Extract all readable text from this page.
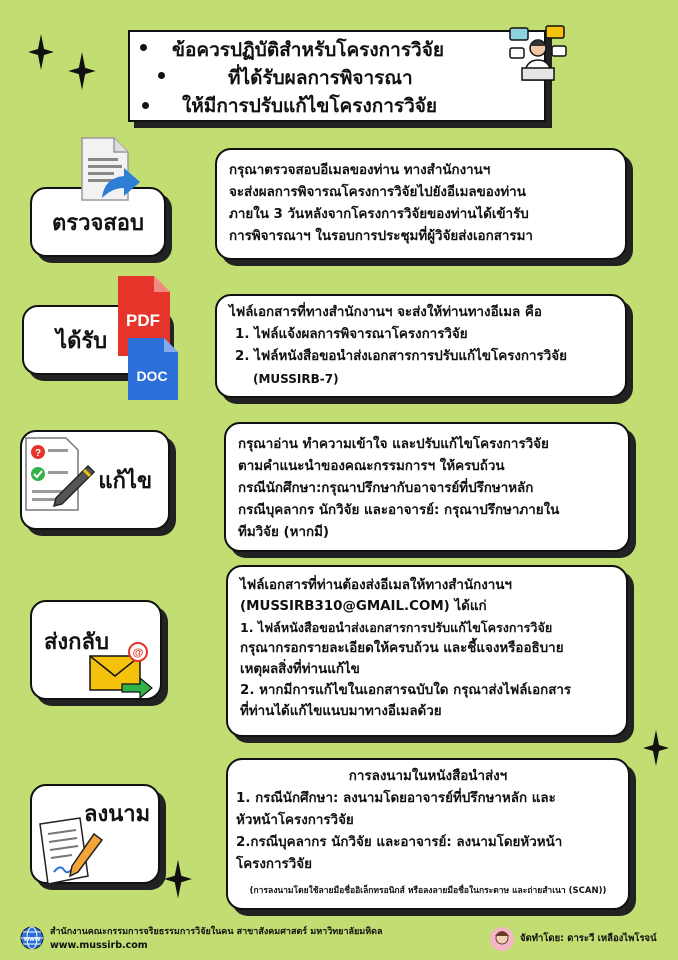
ข้อควรปฏิบัติสำหรับโครงการวิจัย
ที่ได้รับผลการพิจารณา
ให้มีการปรับแก้ไขโครงการวิจัย
ตรวจสอบ
กรุณาตรวจสอบอีเมลของท่าน ทางสำนักงานฯ
จะส่งผลการพิจารณโครงการวิจัยไปยังอีเมลของท่าน
ภายใน 3 วันหลังจากโครงการวิจัยของท่านได้เข้ารับ
การพิจารณาฯ ในรอบการประชุมที่ผู้วิจัยส่งเอกสารมา
ได้รับ
PDF
DOC
ไฟล์เอกสารที่ทางสำนักงานฯ จะส่งให้ท่านทางอีเมล คือ
1. ไฟล์แจ้งผลการพิจารณาโครงการวิจัย
2. ไฟล์หนังสือขอนำส่งเอกสารการปรับแก้ไขโครงการวิจัย
(MUSSIRB-7)
แก้ไข
?
กรุณาอ่าน ทำความเข้าใจ และปรับแก้ไขโครงการวิจัย
ตามคำแนะนำของคณะกรรมการฯ ให้ครบถ้วน
กรณีนักศึกษา:กรุณาปรึกษากับอาจารย์ที่ปรึกษาหลัก
กรณีบุคลากร นักวิจัย และอาจารย์: กรุณาปรึกษาภายใน
ทีมวิจัย (หากมี)
ส่งกลับ @
ไฟล์เอกสารที่ท่านต้องส่งอีเมลให้ทางสำนักงานฯ
(MUSSIRB310@GMAIL.COM) ได้แก่
1. ไฟล์หนังสือขอนำส่งเอกสารการปรับแก้ไขโครงการวิจัย
กรุณากรอกรายละเอียดให้ครบถ้วน และชี้แจงหรืออธิบาย
เหตุผลสิ่งที่ท่านแก้ไข
2. หากมีการแก้ไขในเอกสารฉบับใด กรุณาส่งไฟล์เอกสาร
ที่ท่านได้แก้ไขแนบมาทางอีเมลด้วย
ลงนาม
การลงนามในหนังสือนำส่งฯ
1. กรณีนักศึกษา: ลงนามโดยอาจารย์ที่ปรึกษาหลัก และ
หัวหน้าโครงการวิจัย
2.กรณีบุคลากร นักวิจัย และอาจารย์: ลงนามโดยหัวหน้า
โครงการวิจัย
(การลงนามโดยใช้ลายมือชื่ออิเล็กทรอนิกส์ หรือลงลายมือชื่อในกระดาษ และถ่ายสำเนา (SCAN))
www
สำนักงานคณะกรรมการจริยธรรมการวิจัยในคน สาขาสังคมศาสตร์ มหาวิทยาลัยมหิดล
www.mussirb.com
จัดทำโดย: ดาระวี เหลืองไพโรจน์
